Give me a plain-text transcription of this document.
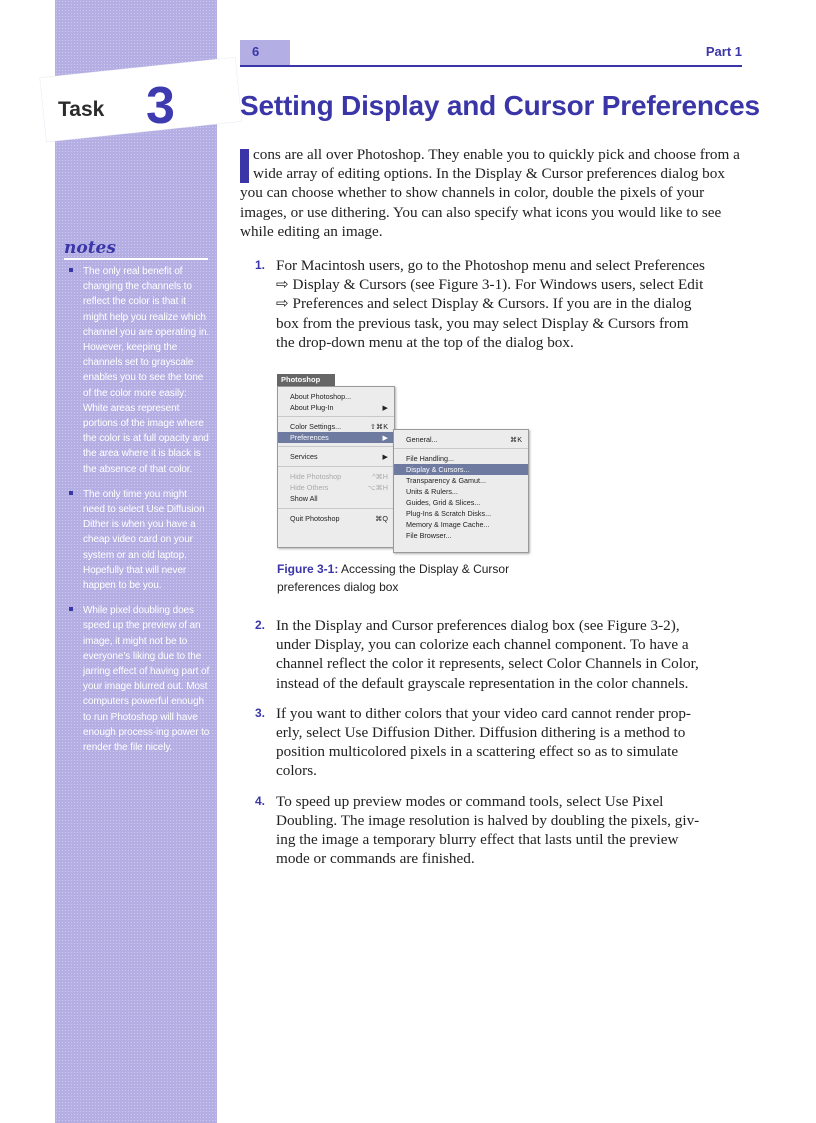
Task 3
notes
The only real benefit of changing the channels to reflect the color is that it might help you realize which channel you are operating in. However, keeping the channels set to grayscale enables you to see the tone of the color more easily: White areas represent portions of the image where the color is at full opacity and the area where it is black is the absence of that color.
The only time you might need to select Use Diffusion Dither is when you have a cheap video card on your system or an old laptop. Hopefully that will never happen to be you.
While pixel doubling does speed up the preview of an image, it might not be to everyone’s liking due to the jarring effect of having part of your image blurred out. Most computers powerful enough to run Photoshop will have enough process-ing power to render the file nicely.
6	Part 1
Setting Display and Cursor Preferences

cons are all over Photoshop. They enable you to quickly pick and choose from a wide array of editing options. In the Display & Cursor preferences dialog box you can choose whether to show channels in color, double the pixels of your images, or use dithering. You can also specify what icons you would like to see while editing an image.

1. For Macintosh users, go to the Photoshop menu and select Preferences ⇨ Display & Cursors (see Figure 3-1). For Windows users, select Edit ⇨ Preferences and select Display & Cursors. If you are in the dialog box from the previous task, you may select Display & Cursors from the drop-down menu at the top of the dialog box.
Photoshop
About Photoshop...
About Plug-In	▶
Color Settings...	⇧⌘K
Preferences	▶
Services	▶
Hide Photoshop	^⌘H
Hide Others	⌥⌘H
Show All
Quit Photoshop	⌘Q
General...	⌘K
File Handling...
Display & Cursors...
Transparency & Gamut...
Units & Rulers...
Guides, Grid & Slices...
Plug-Ins & Scratch Disks...
Memory & Image Cache...
File Browser...

Figure 3-1: Accessing the Display & Cursor preferences dialog box

2. In the Display and Cursor preferences dialog box (see Figure 3-2), under Display, you can colorize each channel component. To have a channel reflect the color it represents, select Color Channels in Color, instead of the default grayscale representation in the color channels.
3. If you want to dither colors that your video card cannot render prop-erly, select Use Diffusion Dither. Diffusion dithering is a method to position multicolored pixels in a scattering effect so as to simulate colors.
4. To speed up preview modes or command tools, select Use Pixel Doubling. The image resolution is halved by doubling the pixels, giv-ing the image a temporary blurry effect that lasts until the preview mode or commands are finished.
